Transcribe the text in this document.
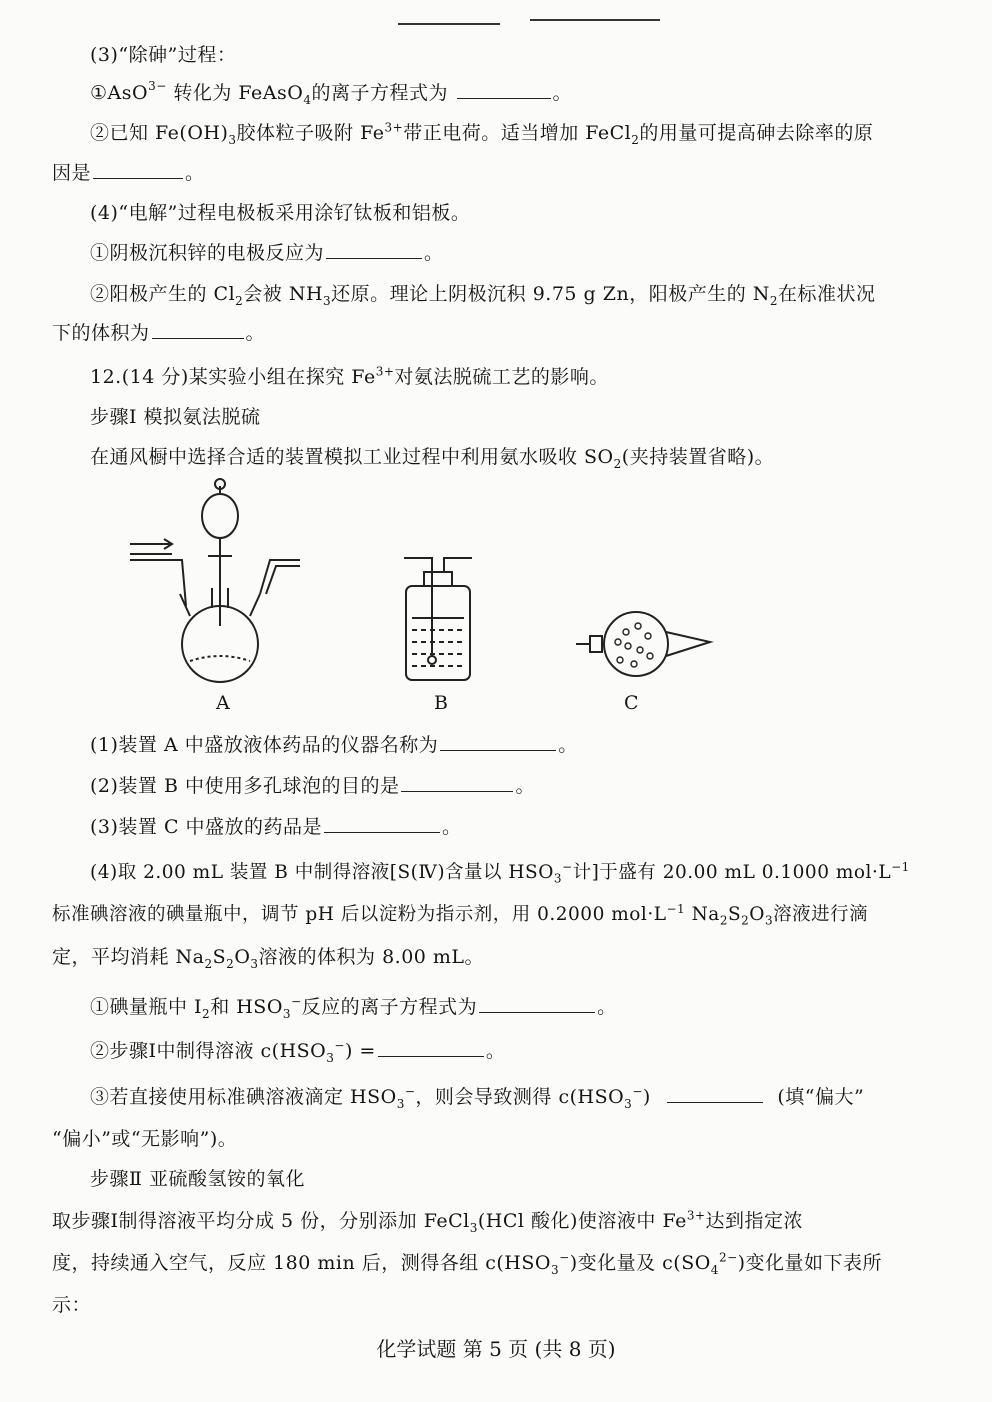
(3)“除砷”过程：
①AsO$_{3-}$ 转化为 FeAsO$_4$的离子方程式为	。
②已知 $Fe(OH)_3$胶体粒子吸附 $Fe^{3+}$带正电荷。适当增加 FeCl$_2$的用量可提高砷去除率的原
因是	。
(4)“电解”过程电极板采用涂钌钛板和铝板。
①阴极沉积锌的电极反应为	。
②阳极产生的 $Cl_2$会被 $NH_3$还原。理论上阴极沉积 9.75 g Zn，阳极产生的 $N_2$在标准状况
下的体积为	。
12.(14 分)某实验小组在探究 $Fe^{3+}$对氨法脱硫工艺的影响。
步骤Ⅰ 模拟氨法脱硫
在通风橱中选择合适的装置模拟工业过程中利用氨水吸收 $SO_2$(夹持装置省略)。
A	B	C
(1)装置 A 中盛放液体药品的仪器名称为	。
(2)装置 B 中使用多孔球泡的目的是	。
(3)装置 C 中盛放的药品是	。
(4)取 2.00 mL 装置 B 中制得溶液[S(Ⅳ)含量以 $HSO_3^-$计]于盛有 20.00 mL 0.1000 $mol\cdot L^{-1}$
标准碘溶液的碘量瓶中，调节 pH 后以淀粉为指示剂，用 0.2000 $mol\cdot L^{-1}$ $Na_2S_2O_3$溶液进行滴
定，平均消耗 $Na_2S_2O_3$溶液的体积为 8.00 mL。
①碘量瓶中 $I_2$和 $HSO_3^-$反应的离子方程式为	。
②步骤Ⅰ中制得溶液 $c(HSO_3^-)$ =	。
③若直接使用标准碘溶液滴定 $HSO_3^-$，则会导致测得 $c(HSO_3^-)$	(填“偏大”
“偏小”或“无影响”)。
步骤Ⅱ 亚硫酸氢铵的氧化
取步骤Ⅰ制得溶液平均分成 5 份，分别添加 FeCl$_3$(HCl 酸化)使溶液中 $Fe^{3+}$达到指定浓
度，持续通入空气，反应 180 min 后，测得各组 $c(HSO_3^-)$变化量及 $c(SO_4^{2-})$变化量如下表所
示：
化学试题 第 5 页 (共 8 页)
